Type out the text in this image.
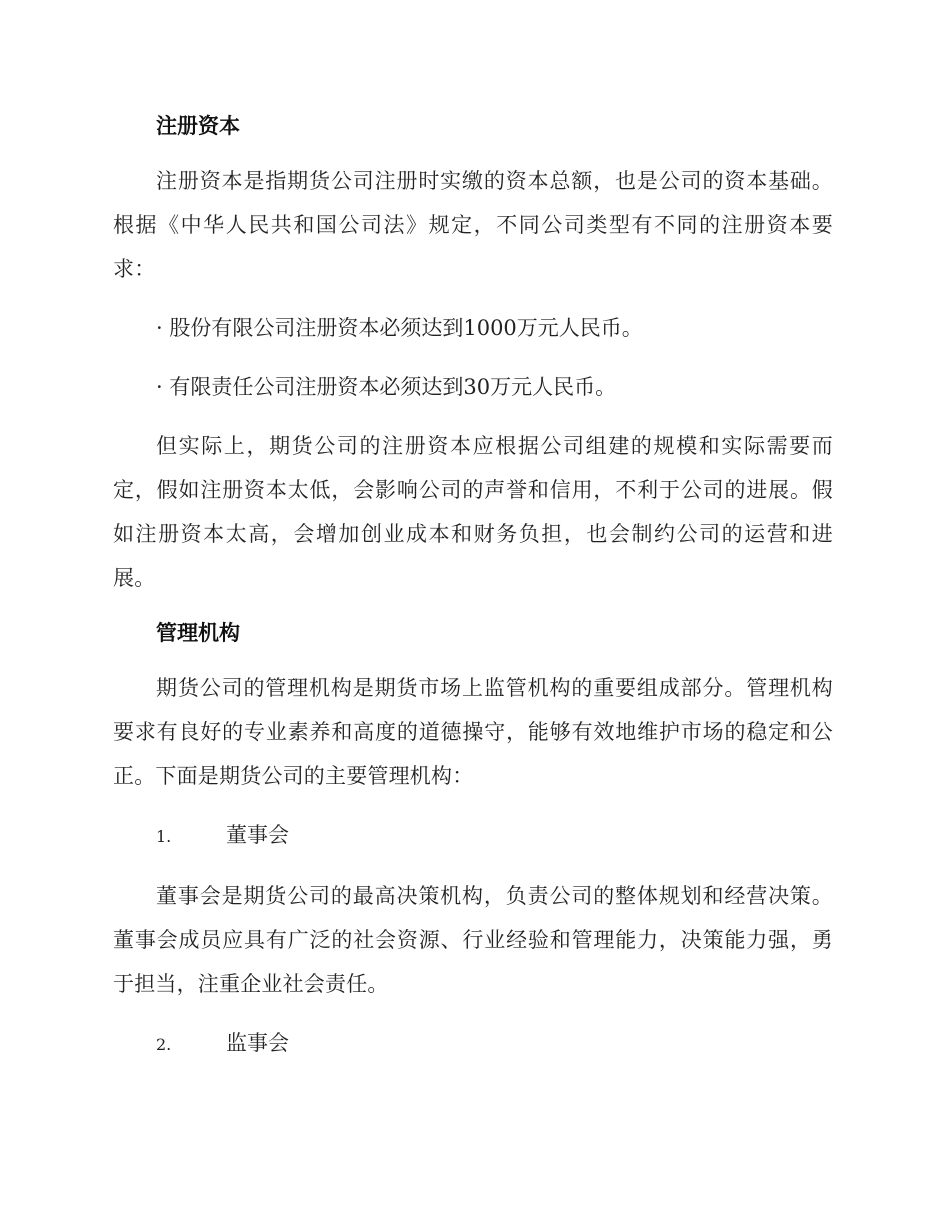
注册资本

注册资本是指期货公司注册时实缴的资本总额，也是公司的资本基础。根据《中华人民共和国公司法》规定，不同公司类型有不同的注册资本要求：

· 股份有限公司注册资本必须达到1000万元人民币。

· 有限责任公司注册资本必须达到30万元人民币。

但实际上，期货公司的注册资本应根据公司组建的规模和实际需要而定，假如注册资本太低，会影响公司的声誉和信用，不利于公司的进展。假如注册资本太高，会增加创业成本和财务负担，也会制约公司的运营和进展。

管理机构

期货公司的管理机构是期货市场上监管机构的重要组成部分。管理机构要求有良好的专业素养和高度的道德操守，能够有效地维护市场的稳定和公正。下面是期货公司的主要管理机构：

1.	董事会

董事会是期货公司的最高决策机构，负责公司的整体规划和经营决策。董事会成员应具有广泛的社会资源、行业经验和管理能力，决策能力强，勇于担当，注重企业社会责任。

2.	监事会
